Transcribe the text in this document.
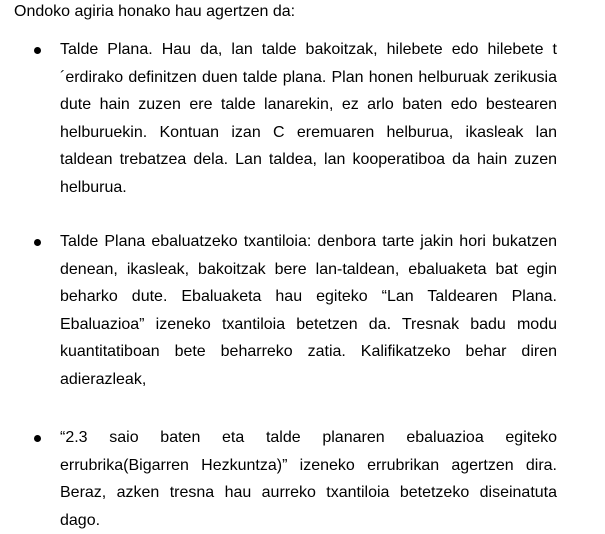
Ondoko agiria honako hau agertzen da:
Talde Plana. Hau da, lan talde bakoitzak, hilebete edo hilebete t´erdirako definitzen duen talde plana. Plan honen helburuak zerikusia dute hain zuzen ere talde lanarekin, ez arlo baten edo bestearen helburuekin. Kontuan izan C eremuaren helburua, ikasleak lan taldean trebatzea dela. Lan taldea, lan kooperatiboa da hain zuzen helburua.
Talde Plana ebaluatzeko txantiloia: denbora tarte jakin hori bukatzen denean, ikasleak, bakoitzak bere lan-taldean, ebaluaketa bat egin beharko dute. Ebaluaketa hau egiteko “Lan Taldearen Plana. Ebaluazioa” izeneko txantiloia betetzen da. Tresnak badu modu kuantitatiboan bete beharreko zatia. Kalifikatzeko behar diren adierazleak,
“2.3 saio baten eta talde planaren ebaluazioa egiteko errubrika(Bigarren Hezkuntza)” izeneko errubrikan agertzen dira. Beraz, azken tresna hau aurreko txantiloia betetzeko diseinatuta dago.
